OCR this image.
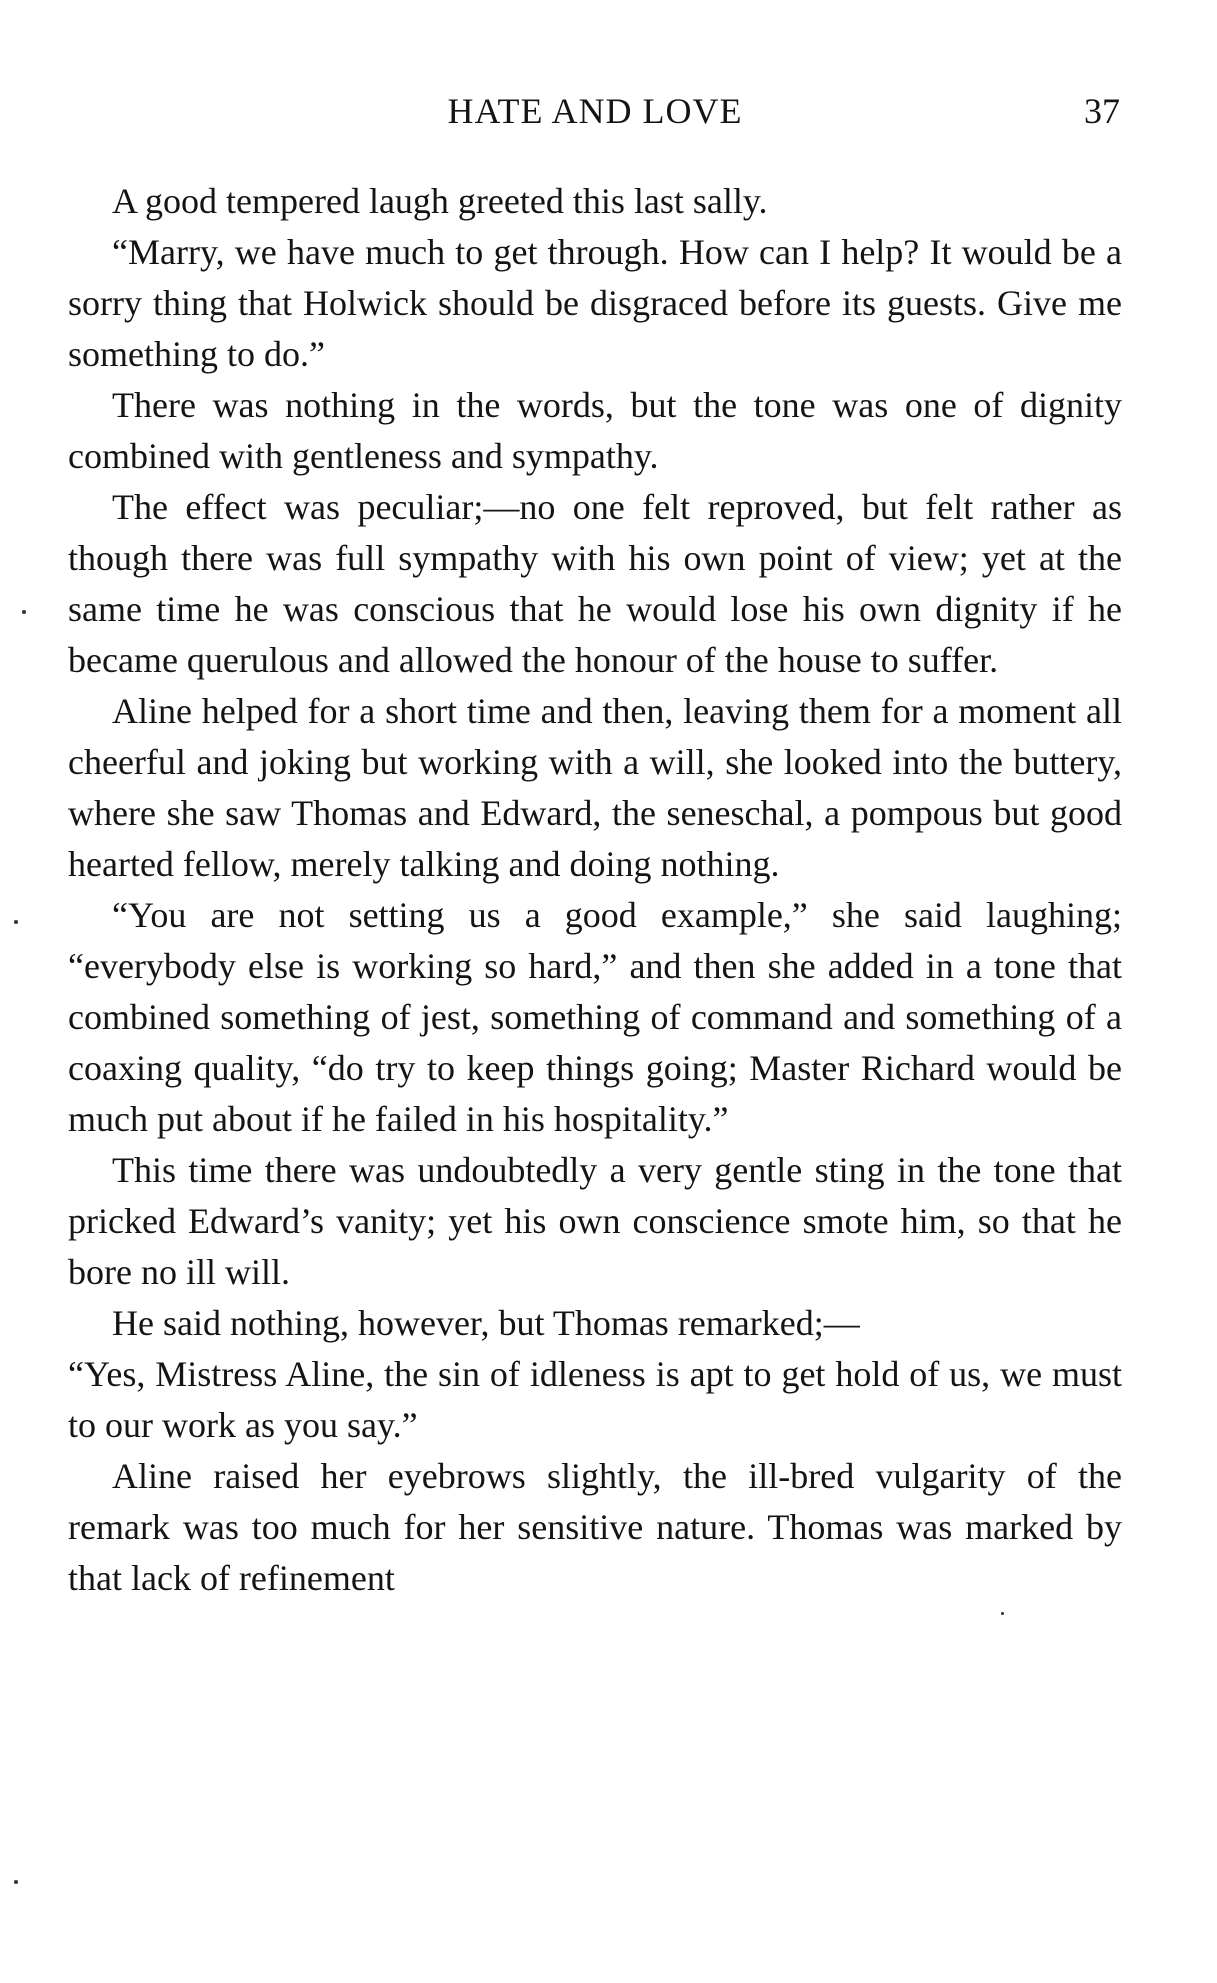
HATE AND LOVE	37

A good tempered laugh greeted this last sally.

“Marry, we have much to get through. How can I help? It would be a sorry thing that Holwick should be disgraced before its guests. Give me something to do.”

There was nothing in the words, but the tone was one of dignity combined with gentleness and sympathy.

The effect was peculiar;—no one felt reproved, but felt rather as though there was full sympathy with his own point of view; yet at the same time he was conscious that he would lose his own dignity if he became querulous and allowed the honour of the house to suffer.

Aline helped for a short time and then, leaving them for a moment all cheerful and joking but working with a will, she looked into the buttery, where she saw Thomas and Edward, the seneschal, a pompous but good hearted fellow, merely talking and doing nothing.

“You are not setting us a good example,” she said laughing; “everybody else is working so hard,” and then she added in a tone that combined something of jest, something of command and something of a coaxing quality, “do try to keep things going; Master Richard would be much put about if he failed in his hospitality.”

This time there was undoubtedly a very gentle sting in the tone that pricked Edward’s vanity; yet his own conscience smote him, so that he bore no ill will.

He said nothing, however, but Thomas remarked;—

“Yes, Mistress Aline, the sin of idleness is apt to get hold of us, we must to our work as you say.”

Aline raised her eyebrows slightly, the ill-bred vulgarity of the remark was too much for her sensitive nature. Thomas was marked by that lack of refinement
